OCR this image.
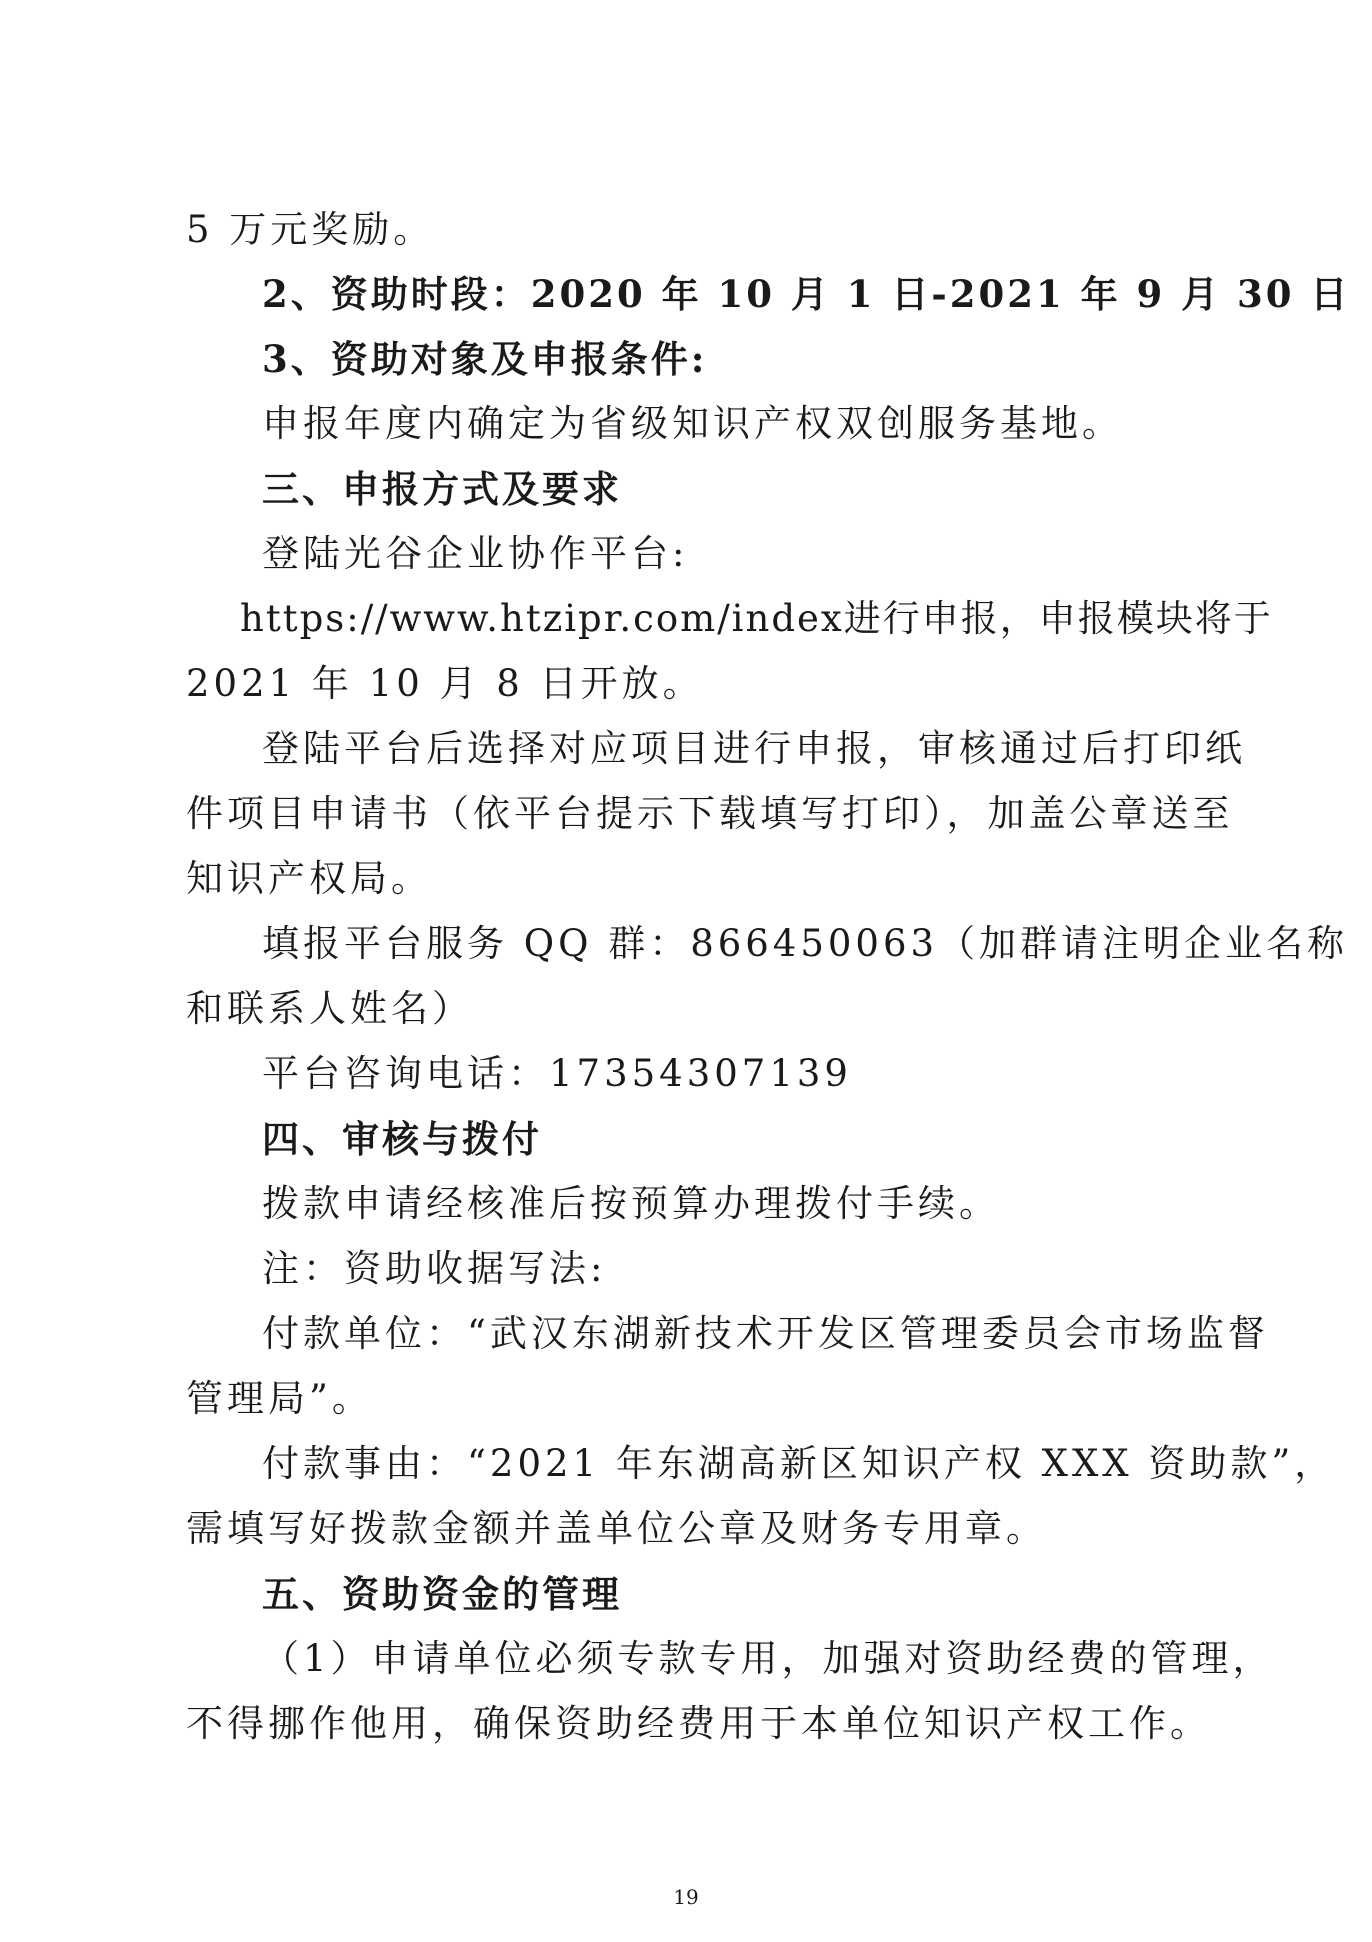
5 万元奖励。
2、资助时段：2020 年 10 月 1 日-2021 年 9 月 30 日
3、资助对象及申报条件:
申报年度内确定为省级知识产权双创服务基地。
三、申报方式及要求
登陆光谷企业协作平台:
https://www.htzipr.com/index 进行申报，申报模块将于
2021 年 10 月 8 日开放。
登陆平台后选择对应项目进行申报，审核通过后打印纸
件项目申请书（依平台提示下载填写打印），加盖公章送至
知识产权局。
填报平台服务 QQ 群：866450063（加群请注明企业名称
和联系人姓名）
平台咨询电话：17354307139
四、审核与拨付
拨款申请经核准后按预算办理拨付手续。
注：资助收据写法:
付款单位：“武汉东湖新技术开发区管理委员会市场监督
管理局”。
付款事由：“2021 年东湖高新区知识产权 XXX 资助款”，
需填写好拨款金额并盖单位公章及财务专用章。
五、资助资金的管理
（1）申请单位必须专款专用，加强对资助经费的管理，
不得挪作他用，确保资助经费用于本单位知识产权工作。
19
